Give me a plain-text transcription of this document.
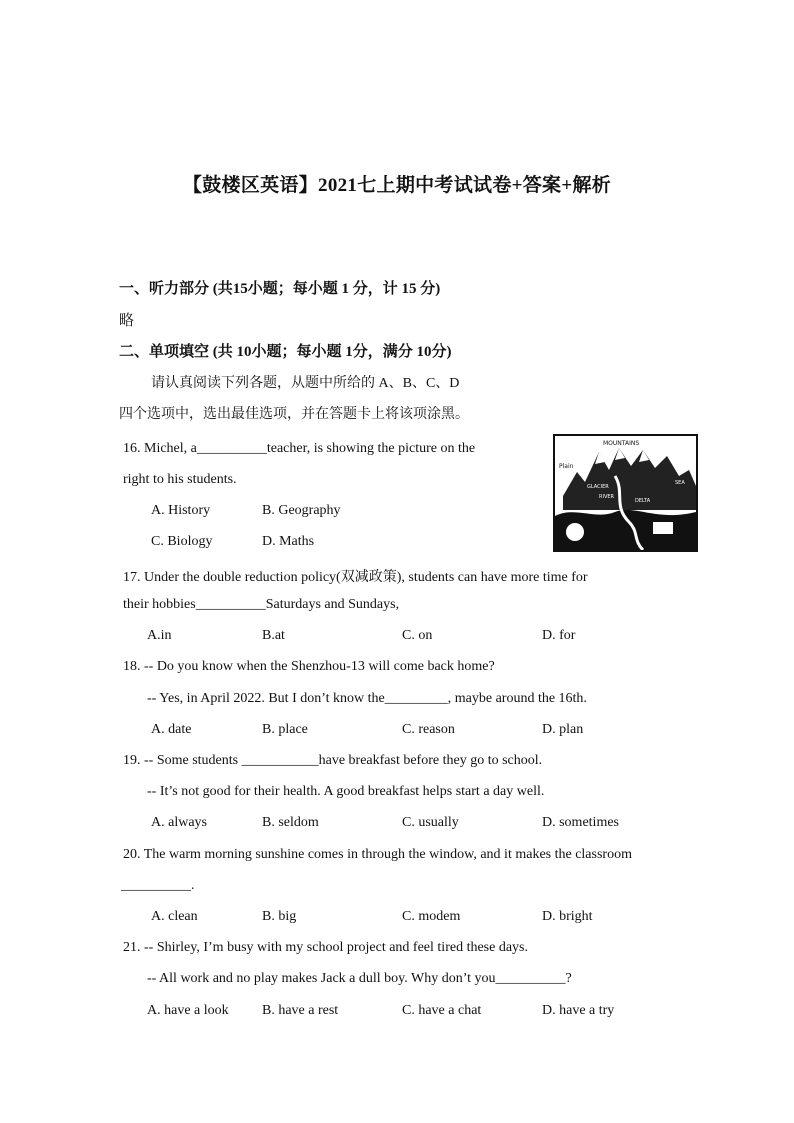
【鼓楼区英语】2021七上期中考试试卷+答案+解析
一、听力部分 (共15小题；每小题 1 分，计 15 分)
略
二、单项填空 (共 10小题；每小题 1分，满分 10分)
请认真阅读下列各题，从题中所给的 A、B、C、D
四个选项中，选出最佳选项，并在答题卡上将该项涂黑。
16. Michel, a__________teacher, is showing the picture on the
right to his students.
A. History	B. Geography
C. Biology	D. Maths
MOUNTAINS
Plain
GLACIER
SEA
RIVER
DELTA
17. Under the double reduction policy(双减政策), students can have more time for
their hobbies__________Saturdays and Sundays,
A.in	B.at	C. on	D. for
18. -- Do you know when the Shenzhou-13 will come back home?
-- Yes, in April 2022. But I don’t know the_________, maybe around the 16th.
A. date	B. place	C. reason	D. plan
19. -- Some students ___________have breakfast before they go to school.
-- It’s not good for their health. A good breakfast helps start a day well.
A. always	B. seldom	C. usually	D. sometimes
20. The warm morning sunshine comes in through the window, and it makes the classroom
__________.
A. clean	B. big	C. modem	D. bright
21. -- Shirley, I’m busy with my school project and feel tired these days.
-- All work and no play makes Jack a dull boy. Why don’t you__________?
A. have a look B. have a rest	C. have a chat	D. have a try
